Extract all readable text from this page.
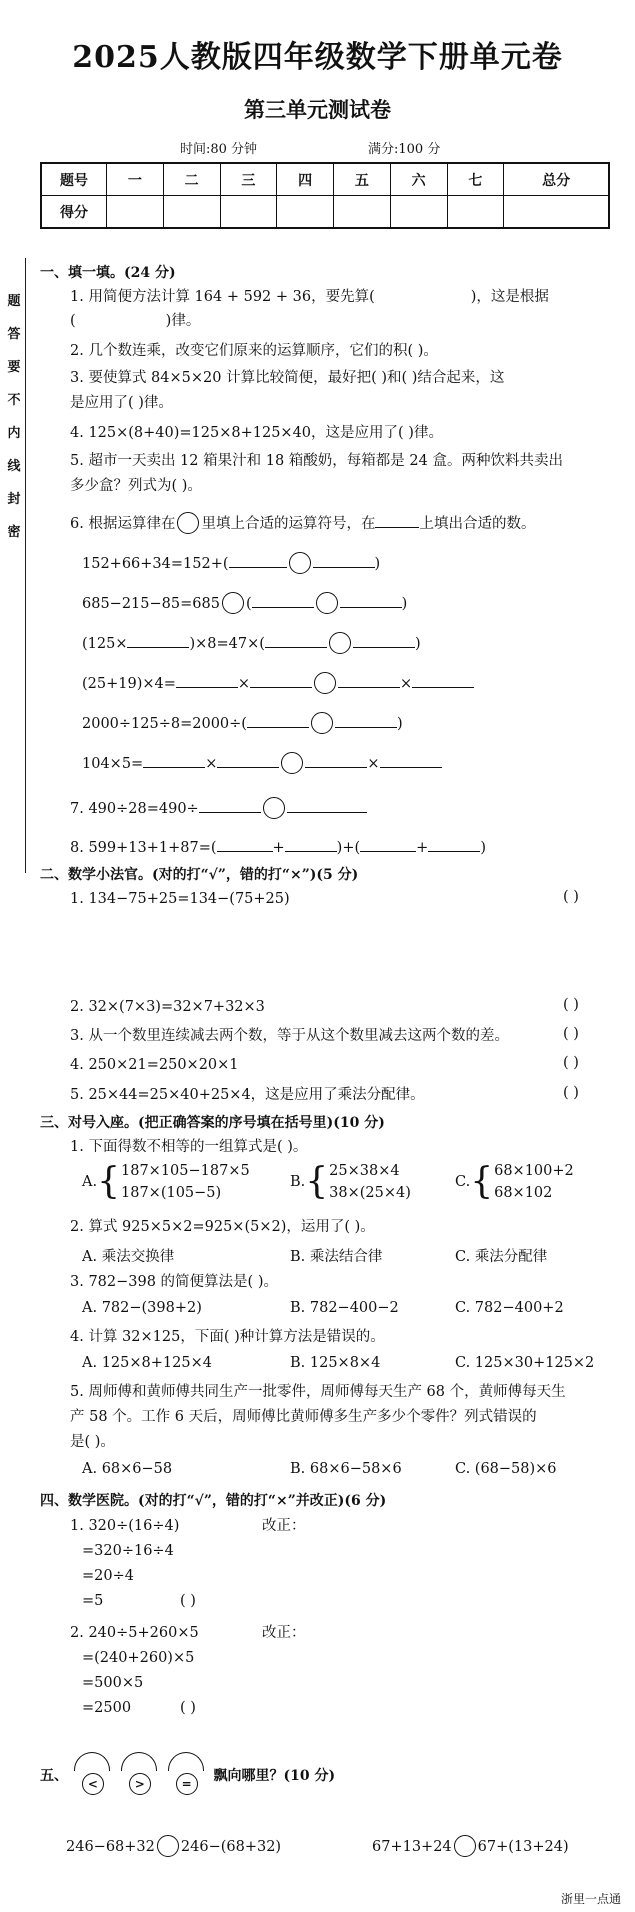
2025人教版四年级数学下册单元卷
第三单元测试卷
时间:80 分钟	满分:100 分
题号	一	二	三	四	五	六	七	总分
得分								
题
答
要
不
内
线
封
密
一、填一填。(24 分)
1. 用简便方法计算 164 + 592 + 36，要先算(	)，这是根据
(	)律。
2. 几个数连乘，改变它们原来的运算顺序，它们的积( )。
3. 要使算式 84×5×20 计算比较简便，最好把( )和( )结合起来，这
是应用了( )律。
4. 125×(8+40)=125×8+125×40，这是应用了( )律。
5. 超市一天卖出 12 箱果汁和 18 箱酸奶，每箱都是 24 盒。两种饮料共卖出
多少盒？列式为( )。
6. 根据运算律在 里填上合适的运算符号，在	上填出合适的数。
152+66+34=152+(	)
685−215−85=685 (	)
(125×	)×8=47×(	)
(25+19)×4=	×	×
2000÷125÷8=2000÷(	)
104×5=	×	×
7. 490÷28=490÷
8. 599+13+1+87=(	+	)+(	+	)
二、数学小法官。(对的打“√”，错的打“×”)(5 分)
1. 134−75+25=134−(75+25)	( )
2. 32×(7×3)=32×7+32×3	( )
3. 从一个数里连续减去两个数，等于从这个数里减去这两个数的差。	( )
4. 250×21=250×20×1	( )
5. 25×44=25×40+25×4，这是应用了乘法分配律。	( )
三、对号入座。(把正确答案的序号填在括号里)(10 分)
1. 下面得数不相等的一组算式是( )。
A.{187×105−187×5
187×(105−5)
B.{25×38×4
38×(25×4)
C.{68×100+2
68×102
2. 算式 925×5×2=925×(5×2)，运用了( )。
A. 乘法交换律	B. 乘法结合律	C. 乘法分配律
3. 782−398 的简便算法是( )。
A. 782−(398+2)	B. 782−400−2	C. 782−400+2
4. 计算 32×125，下面( )种计算方法是错误的。
A. 125×8+125×4	B. 125×8×4	C. 125×30+125×2
5. 周师傅和黄师傅共同生产一批零件，周师傅每天生产 68 个，黄师傅每天生
产 58 个。工作 6 天后，周师傅比黄师傅多生产多少个零件？列式错误的
是( )。
A. 68×6−58	B. 68×6−58×6	C. (68−58)×6
四、数学医院。(对的打“√”，错的打“×”并改正)(6 分)
1. 320÷(16÷4)
=320÷16÷4
=20÷4
=5	( )
改正：
2. 240÷5+260×5
=(240+260)×5
=500×5
=2500	( )
改正：
五、	<
	>
	=	飘向哪里？(10 分)
246−68+32 246−(68+32)	67+13+24 67+(13+24)
浙里一点通
